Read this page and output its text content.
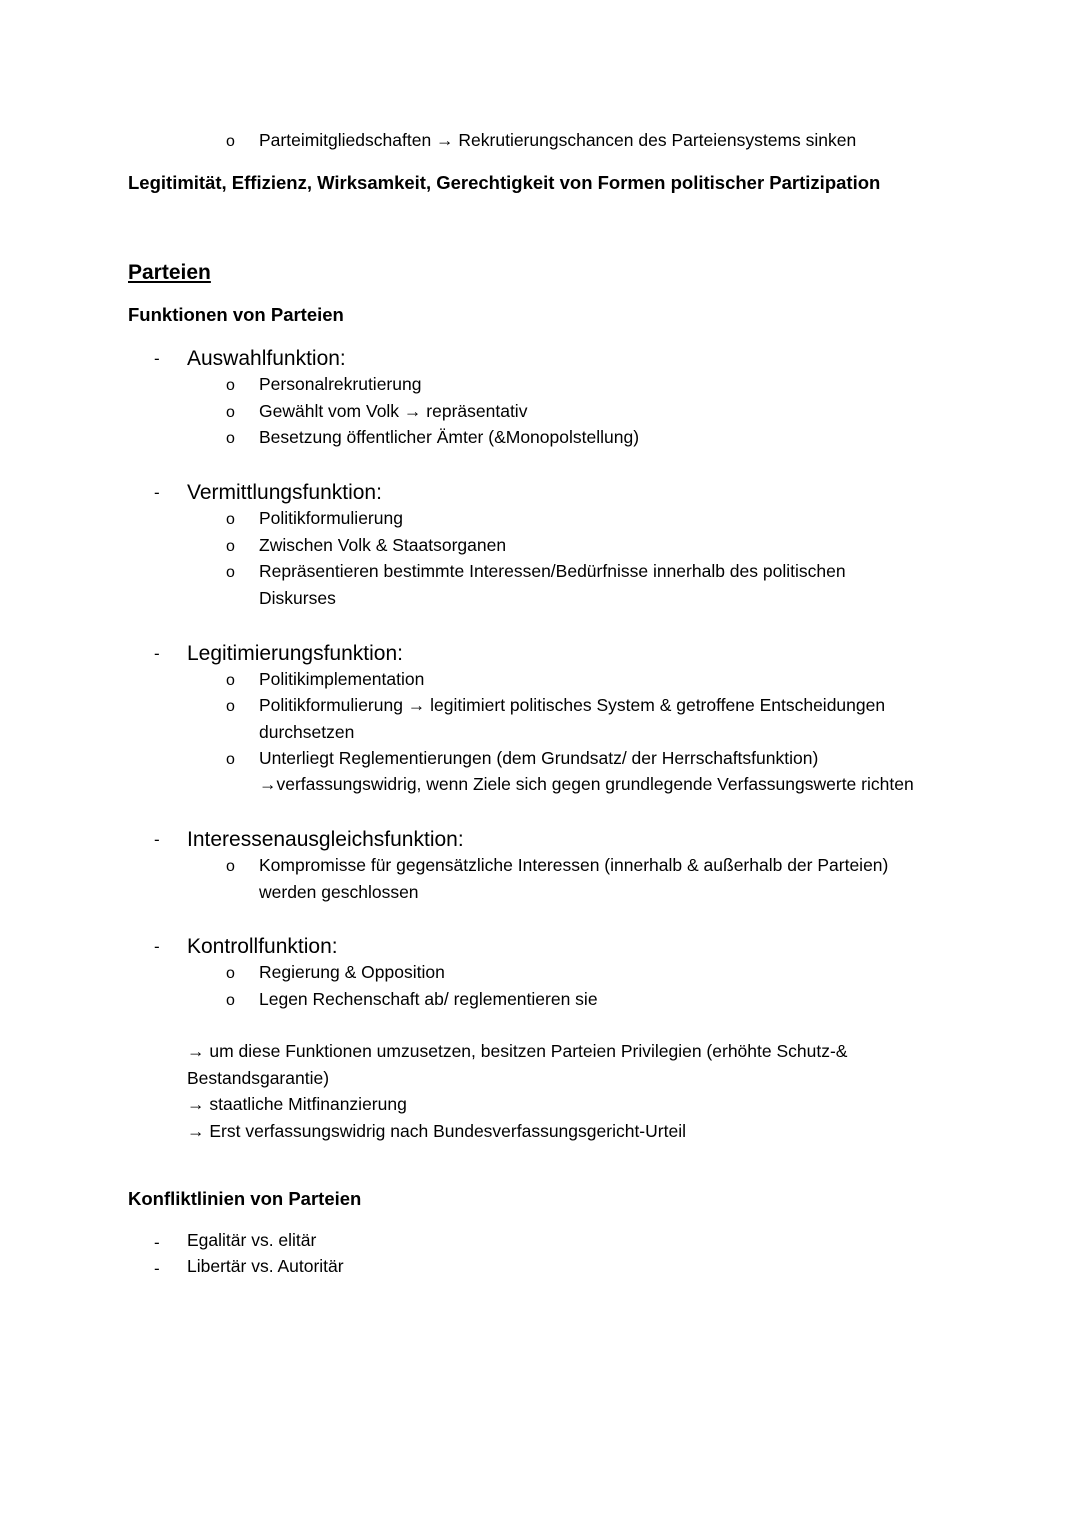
o Parteimitgliedschaften → Rekrutierungschancen des Parteiensystems sinken
Legitimität, Effizienz, Wirksamkeit, Gerechtigkeit von Formen politischer Partizipation
Parteien
Funktionen von Parteien
- Auswahlfunktion:
o Personalrekrutierung
o Gewählt vom Volk → repräsentativ
o Besetzung öffentlicher Ämter (&Monopolstellung)
- Vermittlungsfunktion:
o Politikformulierung
o Zwischen Volk & Staatsorganen
o Repräsentieren bestimmte Interessen/Bedürfnisse innerhalb des politischen
Diskurses
- Legitimierungsfunktion:
o Politikimplementation
o Politikformulierung → legitimiert politisches System & getroffene Entscheidungen
durchsetzen
o Unterliegt Reglementierungen (dem Grundsatz/ der Herrschaftsfunktion)
→verfassungswidrig, wenn Ziele sich gegen grundlegende Verfassungswerte richten
- Interessenausgleichsfunktion:
o Kompromisse für gegensätzliche Interessen (innerhalb & außerhalb der Parteien)
werden geschlossen
- Kontrollfunktion:
o Regierung & Opposition
o Legen Rechenschaft ab/ reglementieren sie
→ um diese Funktionen umzusetzen, besitzen Parteien Privilegien (erhöhte Schutz-&
Bestandsgarantie)
→ staatliche Mitfinanzierung
→ Erst verfassungswidrig nach Bundesverfassungsgericht-Urteil
Konfliktlinien von Parteien
- Egalitär vs. elitär
- Libertär vs. Autoritär
